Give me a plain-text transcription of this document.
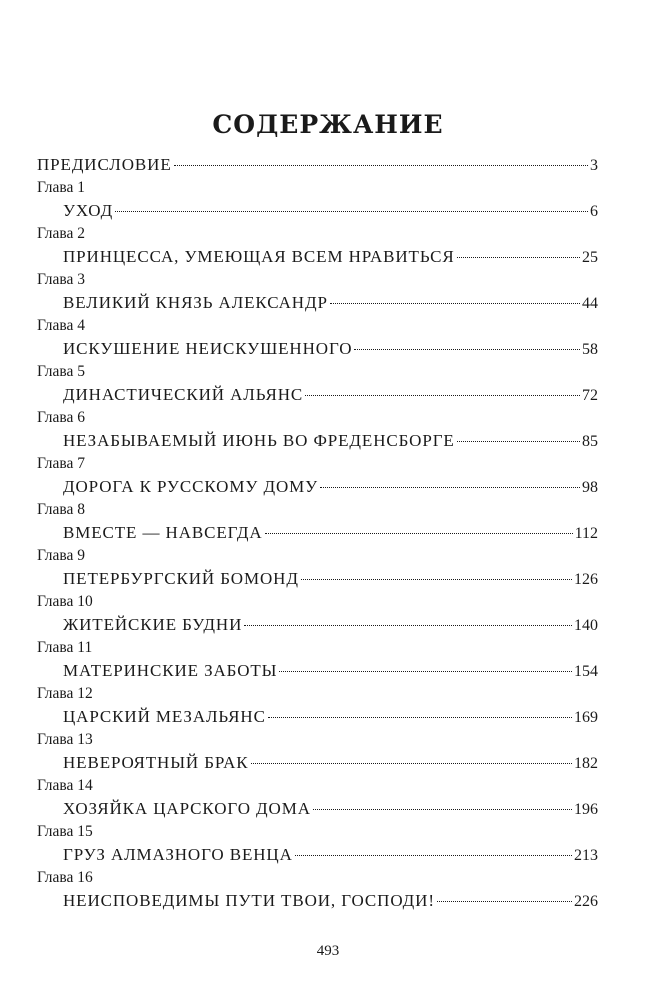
СОДЕРЖАНИЕ
ПРЕДИСЛОВИЕ	3
Глава 1
УХОД	6
Глава 2
ПРИНЦЕССА, УМЕЮЩАЯ ВСЕМ НРАВИТЬСЯ	25
Глава 3
ВЕЛИКИЙ КНЯЗЬ АЛЕКСАНДР	44
Глава 4
ИСКУШЕНИЕ НЕИСКУШЕННОГО	58
Глава 5
ДИНАСТИЧЕСКИЙ АЛЬЯНС	72
Глава 6
НЕЗАБЫВАЕМЫЙ ИЮНЬ ВО ФРЕДЕНСБОРГЕ	85
Глава 7
ДОРОГА К РУССКОМУ ДОМУ	98
Глава 8
ВМЕСТЕ — НАВСЕГДА	112
Глава 9
ПЕТЕРБУРГСКИЙ БОМОНД	126
Глава 10
ЖИТЕЙСКИЕ БУДНИ	140
Глава 11
МАТЕРИНСКИЕ ЗАБОТЫ	154
Глава 12
ЦАРСКИЙ МЕЗАЛЬЯНС	169
Глава 13
НЕВЕРОЯТНЫЙ БРАК	182
Глава 14
ХОЗЯЙКА ЦАРСКОГО ДОМА	196
Глава 15
ГРУЗ АЛМАЗНОГО ВЕНЦА	213
Глава 16
НЕИСПОВЕДИМЫ ПУТИ ТВОИ, ГОСПОДИ!	226
493
